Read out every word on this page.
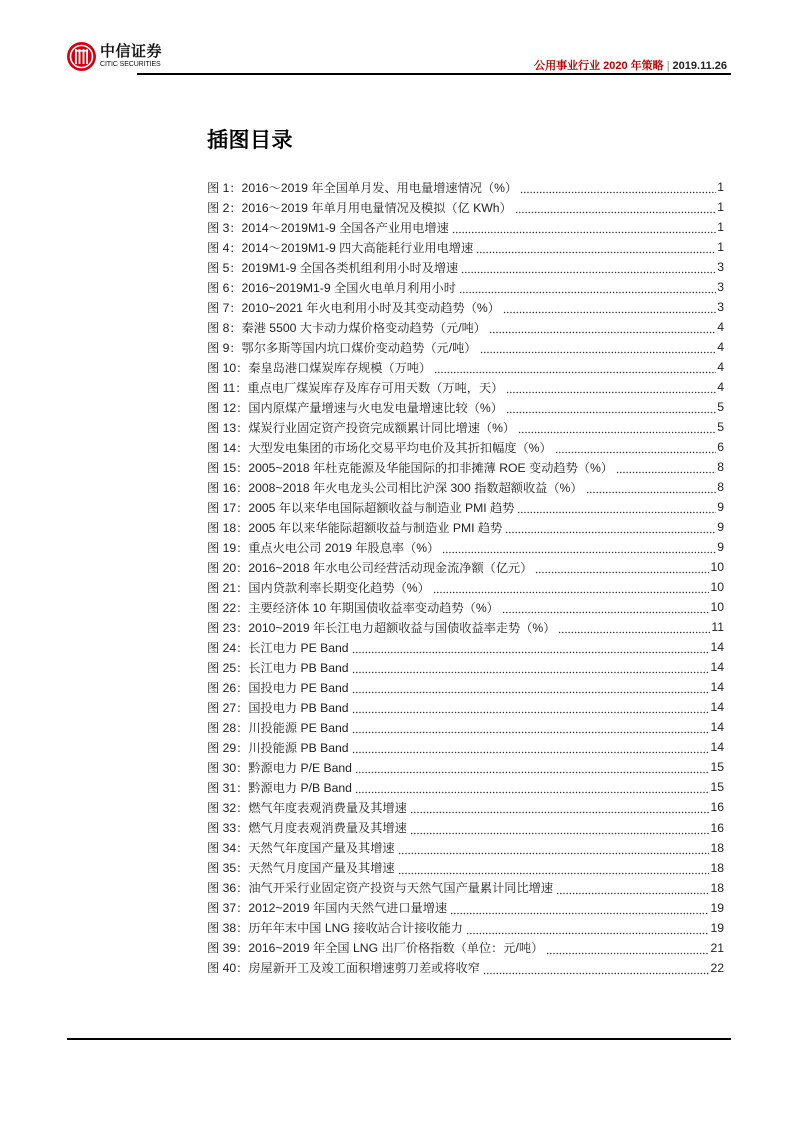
中信证券
CITIC SECURITIES	公用事业行业 2020 年策略 | 2019.11.26
插图目录
图 1：2016～2019 年全国单月发、用电量增速情况（%）	1
图 2：2016～2019 年单月用电量情况及模拟（亿 KWh）	1
图 3：2014～2019M1-9 全国各产业用电增速	1
图 4：2014～2019M1-9 四大高能耗行业用电增速	1
图 5：2019M1-9 全国各类机组利用小时及增速	3
图 6：2016~2019M1-9 全国火电单月利用小时	3
图 7：2010~2021 年火电利用小时及其变动趋势（%）	3
图 8：秦港 5500 大卡动力煤价格变动趋势（元/吨）	4
图 9：鄂尔多斯等国内坑口煤价变动趋势（元/吨）	4
图 10：秦皇岛港口煤炭库存规模（万吨）	4
图 11：重点电厂煤炭库存及库存可用天数（万吨，天）	4
图 12：国内原煤产量增速与火电发电量增速比较（%）	5
图 13：煤炭行业固定资产投资完成额累计同比增速（%）	5
图 14：大型发电集团的市场化交易平均电价及其折扣幅度（%）	6
图 15：2005~2018 年杜克能源及华能国际的扣非摊薄 ROE 变动趋势（%）	8
图 16：2008~2018 年火电龙头公司相比沪深 300 指数超额收益（%）	8
图 17：2005 年以来华电国际超额收益与制造业 PMI 趋势	9
图 18：2005 年以来华能际超额收益与制造业 PMI 趋势	9
图 19：重点火电公司 2019 年股息率（%）	9
图 20：2016~2018 年水电公司经营活动现金流净额（亿元）	10
图 21：国内贷款利率长期变化趋势（%）	10
图 22：主要经济体 10 年期国债收益率变动趋势（%）	10
图 23：2010~2019 年长江电力超额收益与国债收益率走势（%）	11
图 24：长江电力 PE Band	14
图 25：长江电力 PB Band	14
图 26：国投电力 PE Band	14
图 27：国投电力 PB Band	14
图 28：川投能源 PE Band	14
图 29：川投能源 PB Band	14
图 30：黔源电力 P/E Band	15
图 31：黔源电力 P/B Band	15
图 32：燃气年度表观消费量及其增速	16
图 33：燃气月度表观消费量及其增速	16
图 34：天然气年度国产量及其增速	18
图 35：天然气月度国产量及其增速	18
图 36：油气开采行业固定资产投资与天然气国产量累计同比增速	18
图 37：2012~2019 年国内天然气进口量增速	19
图 38：历年年末中国 LNG 接收站合计接收能力	19
图 39：2016~2019 年全国 LNG 出厂价格指数（单位：元/吨）	21
图 40：房屋新开工及竣工面积增速剪刀差或将收窄	22
